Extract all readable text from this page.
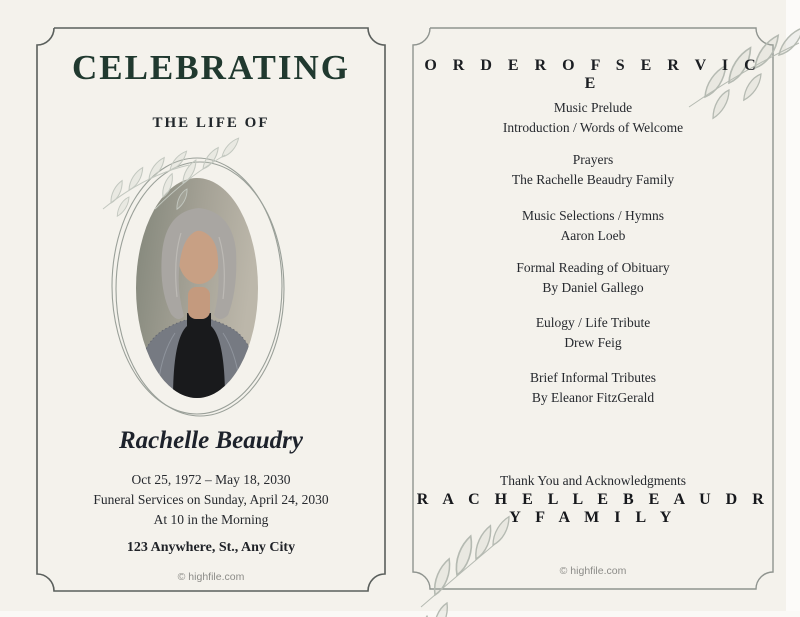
CELEBRATING
THE LIFE OF
Rachelle Beaudry
Oct 25, 1972 – May 18, 2030
Funeral Services on Sunday, April 24, 2030
At 10 in the Morning
123 Anywhere, St., Any City
© highfile.com
O R D E R O F S E R V I C E
Music Prelude
Introduction / Words of Welcome
Prayers
The Rachelle Beaudry Family
Music Selections / Hymns
Aaron Loeb
Formal Reading of Obituary
By Daniel Gallego
Eulogy / Life Tribute
Drew Feig
Brief Informal Tributes
By Eleanor FitzGerald
Thank You and Acknowledgments
R A C H E L L E B E A U D R Y F A M I L Y
© highfile.com
